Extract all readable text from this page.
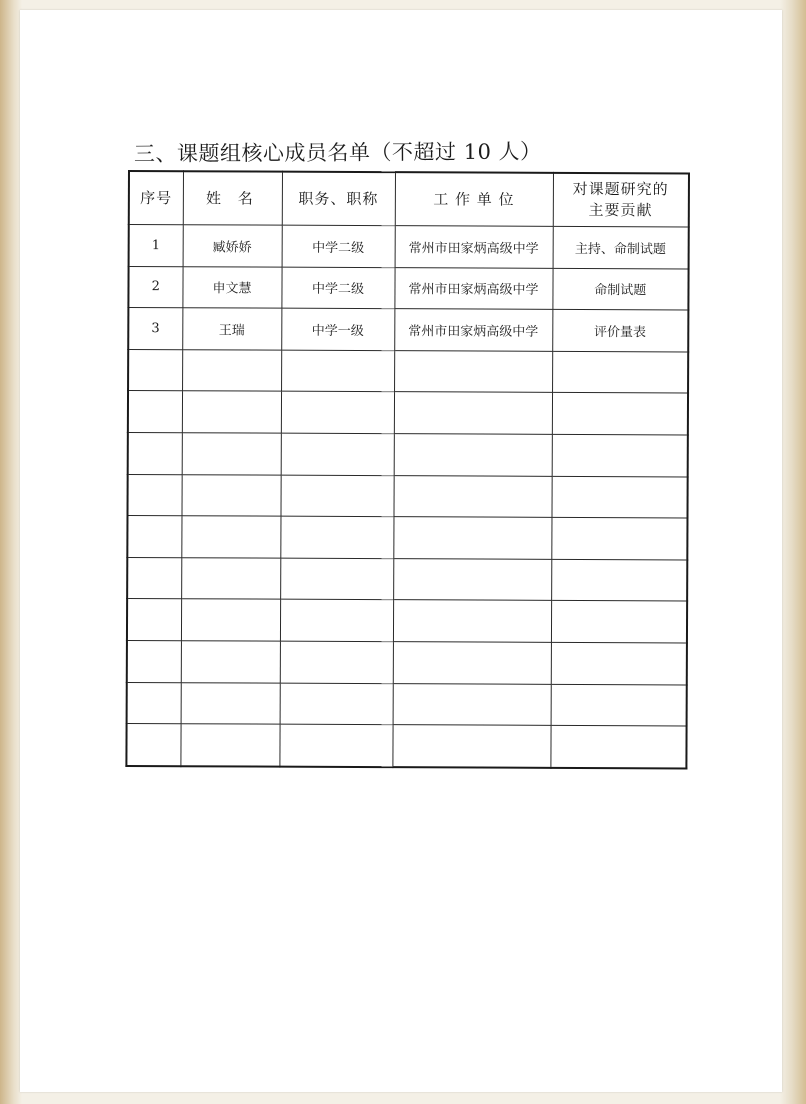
三、课题组核心成员名单（不超过 10 人）
序号	姓 名	职务、职称	工 作 单 位	对课题研究的
主要贡献

1	臧娇娇	中学二级	常州市田家炳高级中学	主持、命制试题
2	申文慧	中学二级	常州市田家炳高级中学	命制试题
3	王瑞	中学一级	常州市田家炳高级中学	评价量表
